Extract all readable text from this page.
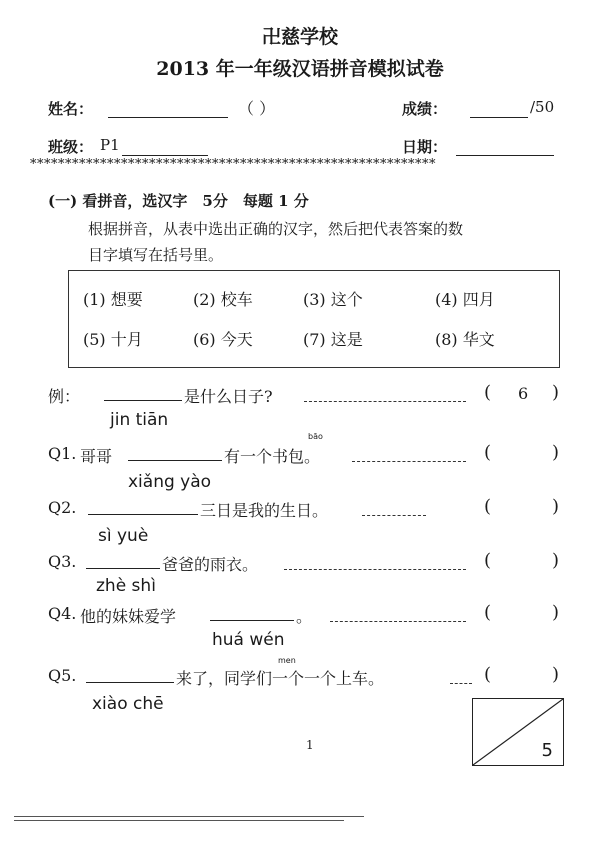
卍慈学校
2013 年一年级汉语拼音模拟试卷
姓名：	（ ）	成绩：	/50
班级： P1	日期：
**********************************************************
(一) 看拼音，选汉字　5分　每题 1 分
根据拼音，从表中选出正确的汉字，然后把代表答案的数
目字填写在括号里。
(1) 想要	(2) 校车	(3) 这个	(4) 四月
(5) 十月	(6) 今天	(7) 这是	(8) 华文
例：	是什么日子?	( 6 )
jin tiān
bāo
Q1. 哥哥	有一个书包。	(	)
xiǎng yào
Q2.	三日是我的生日。	(	)
sì yuè
Q3.	爸爸的雨衣。	(	)
zhè shì
Q4. 他的妹妹爱学	。	(	)
huá wén
men
Q5.	来了，同学们一个一个上车。	(	)
xiào chē
5
1
